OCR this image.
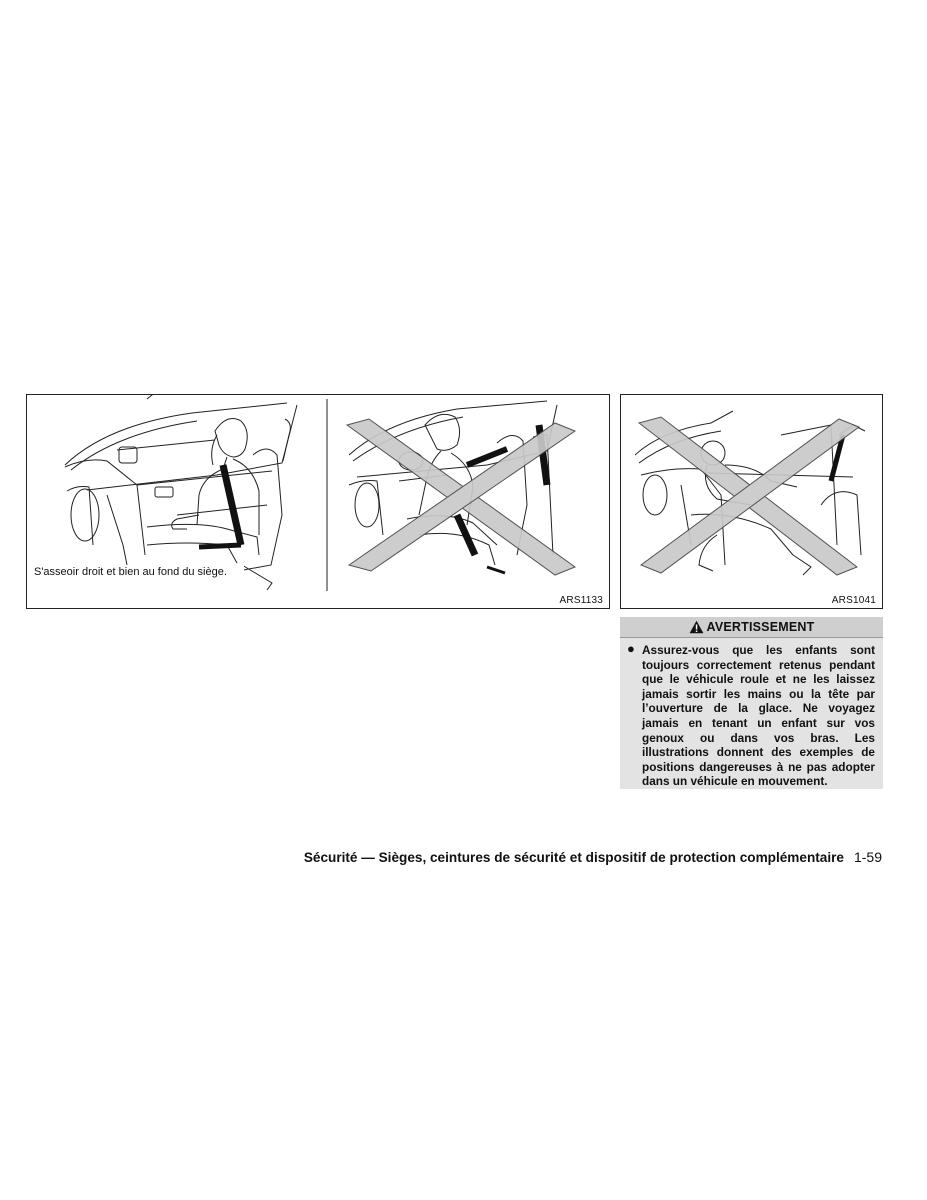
S'asseoir droit et bien au fond du siège.
ARS1133	ARS1041
AVERTISSEMENT
● Assurez-vous que les enfants sont toujours correctement retenus pendant que le véhicule roule et ne les laissez jamais sortir les mains ou la tête par l’ouverture de la glace. Ne voyagez jamais en tenant un enfant sur vos genoux ou dans vos bras. Les illustrations donnent des exemples de positions dangereuses à ne pas adopter dans un véhicule en mouvement.
Sécurité — Sièges, ceintures de sécurité et dispositif de protection complémentaire 1-59
